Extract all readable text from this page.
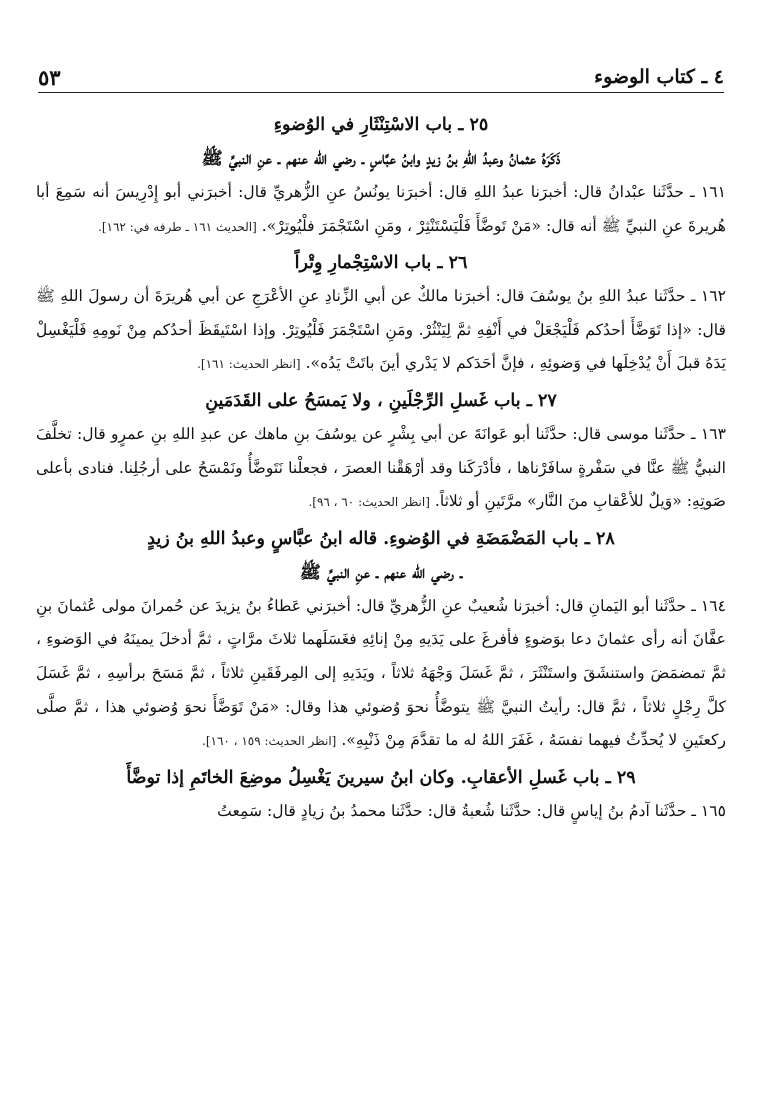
٤ ـ كتاب الوضوء
٥٣

٢٥ ـ باب الاسْتِنْثَارِ في الوُضوءِ

ذَكَرَهُ عثمانُ وعبدُ اللهِ بنُ زيدٍ وابنُ عبَّاسٍ ـ رضي الله عنهم ـ عنِ النبيِّ ﷺ

١٦١ ـ حدَّثَنا عبْدانُ قال: أخبرَنا عبدُ اللهِ قال: أخبرَنا يونُسُ عنِ الزُّهريِّ قال: أخبرَني أبو إِدْرِيسَ أنه سَمِعَ أبا هُريرةَ عنِ النبيِّ ﷺ أنه قال: «مَنْ تَوضَّأَ فَلْيَسْتَنْثِرْ ، ومَنِ اسْتَجْمَرَ فلْيُوتِرْ». [الحديث ١٦١ ـ طرفه في: ١٦٢].

٢٦ ـ باب الاسْتِجْمارِ وِتْراً

١٦٢ ـ حدَّثَنا عبدُ اللهِ بنُ يوسُفَ قال: أخبرَنا مالكٌ عن أبي الزِّنادِ عنِ الأعْرَجِ عن أبي هُريرَةَ أن رسولَ اللهِ ﷺ قال: «إذا تَوَضَّأَ أحدُكم فَلْيَجْعَلْ في أَنْفِهِ ثمَّ لِيَنْثُرْ. ومَنِ اسْتَجْمَرَ فَلْيُوتِرْ. وإذا اسْتَيقَظَ أحدُكم مِنْ نَومِهِ فَلْيَغْسِلْ يَدَهُ قبلَ أَنْ يُدْخِلَها في وَضوئِهِ ، فإنَّ أحَدَكم لا يَدْري أينَ باتَتْ يَدُه». [انظر الحديث: ١٦١].

٢٧ ـ باب غَسلِ الرِّجْلَينِ ، ولا يَمسَحُ على القَدَمَينِ

١٦٣ ـ حدَّثَنا موسى قال: حدَّثَنا أبو عَوانَةَ عن أبي بِشْرٍ عن يوسُفَ بنِ ماهك عن عبدِ اللهِ بنِ عمرٍو قال: تخلَّفَ النبيُّ ﷺ عنَّا في سَفْرةٍ سافَرْناها ، فأدْرَكَنا وقد أرْهَقْنا العصرَ ، فجعلْنا نَتَوضَّأُ ونَمْسَحُ على أرجُلِنا. فنادى بأعلى صَوتِهِ: «وَيلٌ للأعْقابِ منَ النَّار» مرَّتَينِ أو ثلاثاً. [انظر الحديث: ٦٠ ، ٩٦].

٢٨ ـ باب المَضْمَضَةِ في الوُضوءِ. قاله ابنُ عبَّاسٍ وعبدُ اللهِ بنُ زيدٍ

ـ رضي الله عنهم ـ عنِ النبيِّ ﷺ

١٦٤ ـ حدَّثَنا أبو اليَمانِ قال: أخبرَنا شُعيبٌ عنِ الزُّهريِّ قال: أخبرَني عَطاءُ بنُ يزيدَ عن حُمرانَ مولى عُثمانَ بنِ عفَّانَ أنه رأى عثمانَ دعا بوَضوءٍ فأفرغَ على يَدَيهِ مِنْ إنائِهِ فغَسَلَهما ثلاثَ مرَّاتٍ ، ثمَّ أدخلَ يمينَهُ في الوَضوءِ ، ثمَّ تمضمَضَ واستنشَقَ واستَنْثَرَ ، ثمَّ غَسَلَ وَجْهَهُ ثلاثاً ، ويَدَيهِ إلى المِرفَقَينِ ثلاثاً ، ثمَّ مَسَحَ برأسِهِ ، ثمَّ غَسَلَ كلَّ رِجْلٍ ثلاثاً ، ثمَّ قال: رأيتُ النبيَّ ﷺ يتوضَّأُ نحوَ وُضوئي هذا وقال: «مَنْ تَوَضَّأَ نحوَ وُضوئي هذا ، ثمَّ صلَّى ركعتَينِ لا يُحدِّثُ فيهما نفسَهُ ، غَفَرَ اللهُ له ما تقدَّمَ مِنْ ذَنْبِهِ». [انظر الحديث: ١٥٩ ، ١٦٠].

٢٩ ـ باب غَسلِ الأعقابِ. وكان ابنُ سيرينَ يَغْسِلُ موضِعَ الخاتَمِ إذا توضَّأَ

١٦٥ ـ حدَّثَنا آدمُ بنُ إياسٍ قال: حدَّثَنا شُعبةُ قال: حدَّثَنا محمدُ بنُ زيادٍ قال: سَمِعتُ
